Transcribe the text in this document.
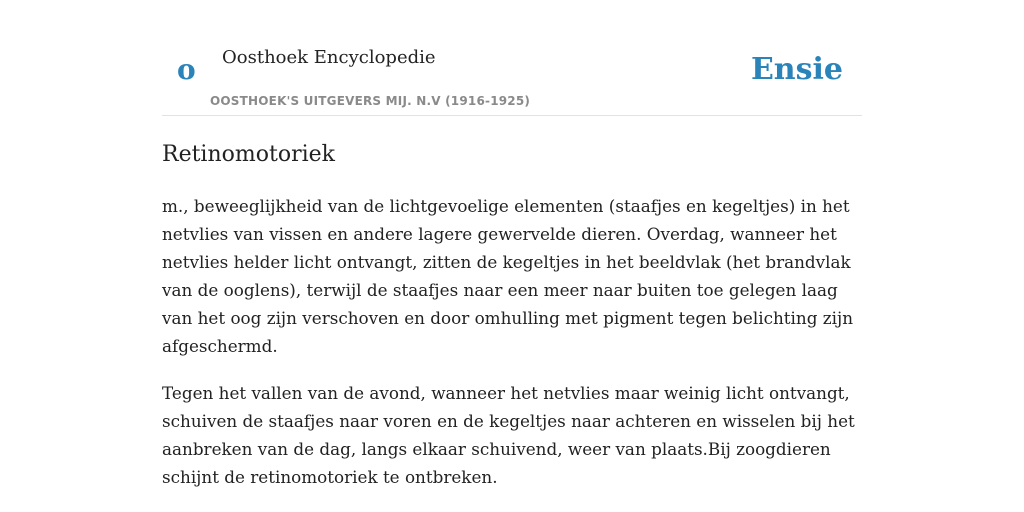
o Oosthoek Encyclopedie
OOSTHOEK'S UITGEVERS MIJ. N.V (1916-1925)
Ensie
Retinomotoriek

m., beweeglijkheid van de lichtgevoelige elementen (staafjes en kegeltjes) in het netvlies van vissen en andere lagere gewervelde dieren. Overdag, wanneer het netvlies helder licht ontvangt, zitten de kegeltjes in het beeldvlak (het brandvlak van de ooglens), terwijl de staafjes naar een meer naar buiten toe gelegen laag van het oog zijn verschoven en door omhulling met pigment tegen belichting zijn afgeschermd.

Tegen het vallen van de avond, wanneer het netvlies maar weinig licht ontvangt, schuiven de staafjes naar voren en de kegeltjes naar achteren en wisselen bij het aanbreken van de dag, langs elkaar schuivend, weer van plaats.Bij zoogdieren schijnt de retinomotoriek te ontbreken.
